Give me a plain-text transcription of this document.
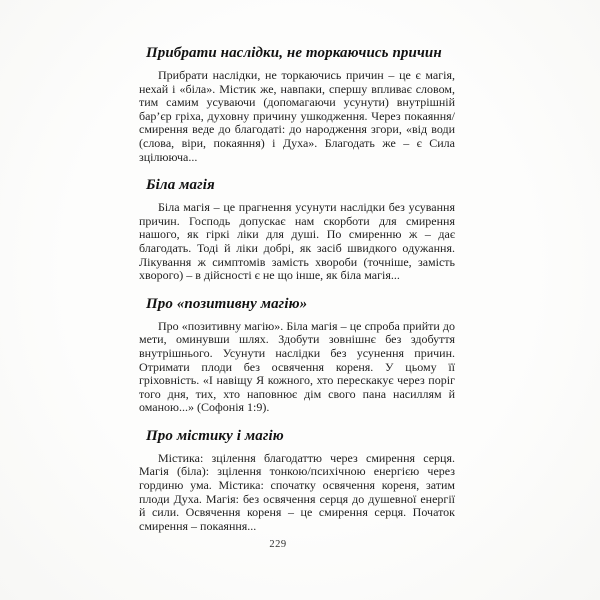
Прибрати наслідки, не торкаючись причин

Прибрати наслідки, не торкаючись причин – це є магія, нехай і «біла». Містик же, навпаки, спершу впливає словом, тим самим усуваючи (допомагаючи усунути) внутрішній бар’єр гріха, духовну причину ушкодження. Через покаяння/смирення веде до благодаті: до народження згори, «від води (слова, віри, покаяння) і Духа». Благодать же – є Сила зцілююча...

Біла магія

Біла магія – це прагнення усунути наслідки без усування причин. Господь допускає нам скорботи для смирення нашого, як гіркі ліки для душі. По смиренню ж – дає благодать. Тоді й ліки добрі, як засіб швидкого одужання. Лікування ж симптомів замість хвороби (точніше, замість хворого) – в дійсності є не що інше, як біла магія...

Про «позитивну магію»

Про «позитивну магію». Біла магія – це спроба прийти до мети, оминувши шлях. Здобути зовнішнє без здобуття внутрішнього. Усунути наслідки без усунення причин. Отримати плоди без освячення кореня. У цьому її гріховність. «І навіщу Я кожного, хто перескакує через поріг того дня, тих, хто наповнює дім свого пана насиллям й оманою...» (Софонія 1:9).

Про містику і магію

Містика: зцілення благодаттю через смирення серця. Магія (біла): зцілення тонкою/психічною енергією через гординю ума. Містика: спочатку освячення кореня, затим плоди Духа. Магія: без освячення серця до душевної енергії й сили. Освячення кореня – це смирення серця. Початок смирення – покаяння...

229
